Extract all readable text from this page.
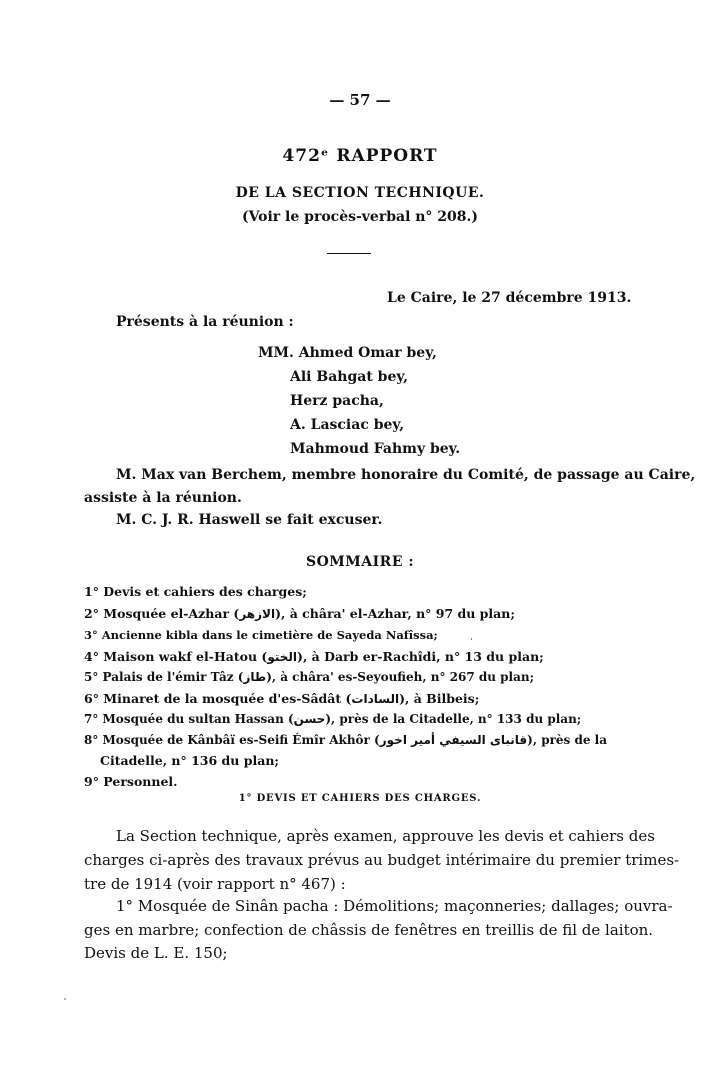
— 57 —
472ᵉ RAPPORT
DE LA SECTION TECHNIQUE.
(Voir le procès-verbal n° 208.)
Le Caire, le 27 décembre 1913.
Présents à la réunion :
MM. Ahmed Omar bey,
Ali Bahgat bey,
Herz pacha,
A. Lasciac bey,
Mahmoud Fahmy bey.
M. Max van Berchem, membre honoraire du Comité, de passage au Caire,
assiste à la réunion.
M. C. J. R. Haswell se fait excuser.
SOMMAIRE :
1° Devis et cahiers des charges;
2° Mosquée el-Azhar (الازهر), à châra' el-Azhar, n° 97 du plan;
3° Ancienne kibla dans le cimetière de Sayeda Nafîssa;
4° Maison wakf el-Hatou (الختو), à Darb er-Rachîdi, n° 13 du plan;
5° Palais de l'émir Tâz (طاز), à châra' es-Seyoufieh, n° 267 du plan;
6° Minaret de la mosquée d'es-Sâdât (السادات), à Bilbeis;
7° Mosquée du sultan Hassan (حسن), près de la Citadelle, n° 133 du plan;
8° Mosquée de Kânbâï es-Seifi Émîr Akhôr (قانباى السيفي أمير اخور), près de la
Citadelle, n° 136 du plan;
9° Personnel.
1° DEVIS ET CAHIERS DES CHARGES.
La Section technique, après examen, approuve les devis et cahiers des
charges ci-après des travaux prévus au budget intérimaire du premier trimes-
tre de 1914 (voir rapport n° 467) :
1° Mosquée de Sinân pacha : Démolitions; maçonneries; dallages; ouvra-
ges en marbre; confection de châssis de fenêtres en treillis de fil de laiton.
Devis de L. E. 150;
